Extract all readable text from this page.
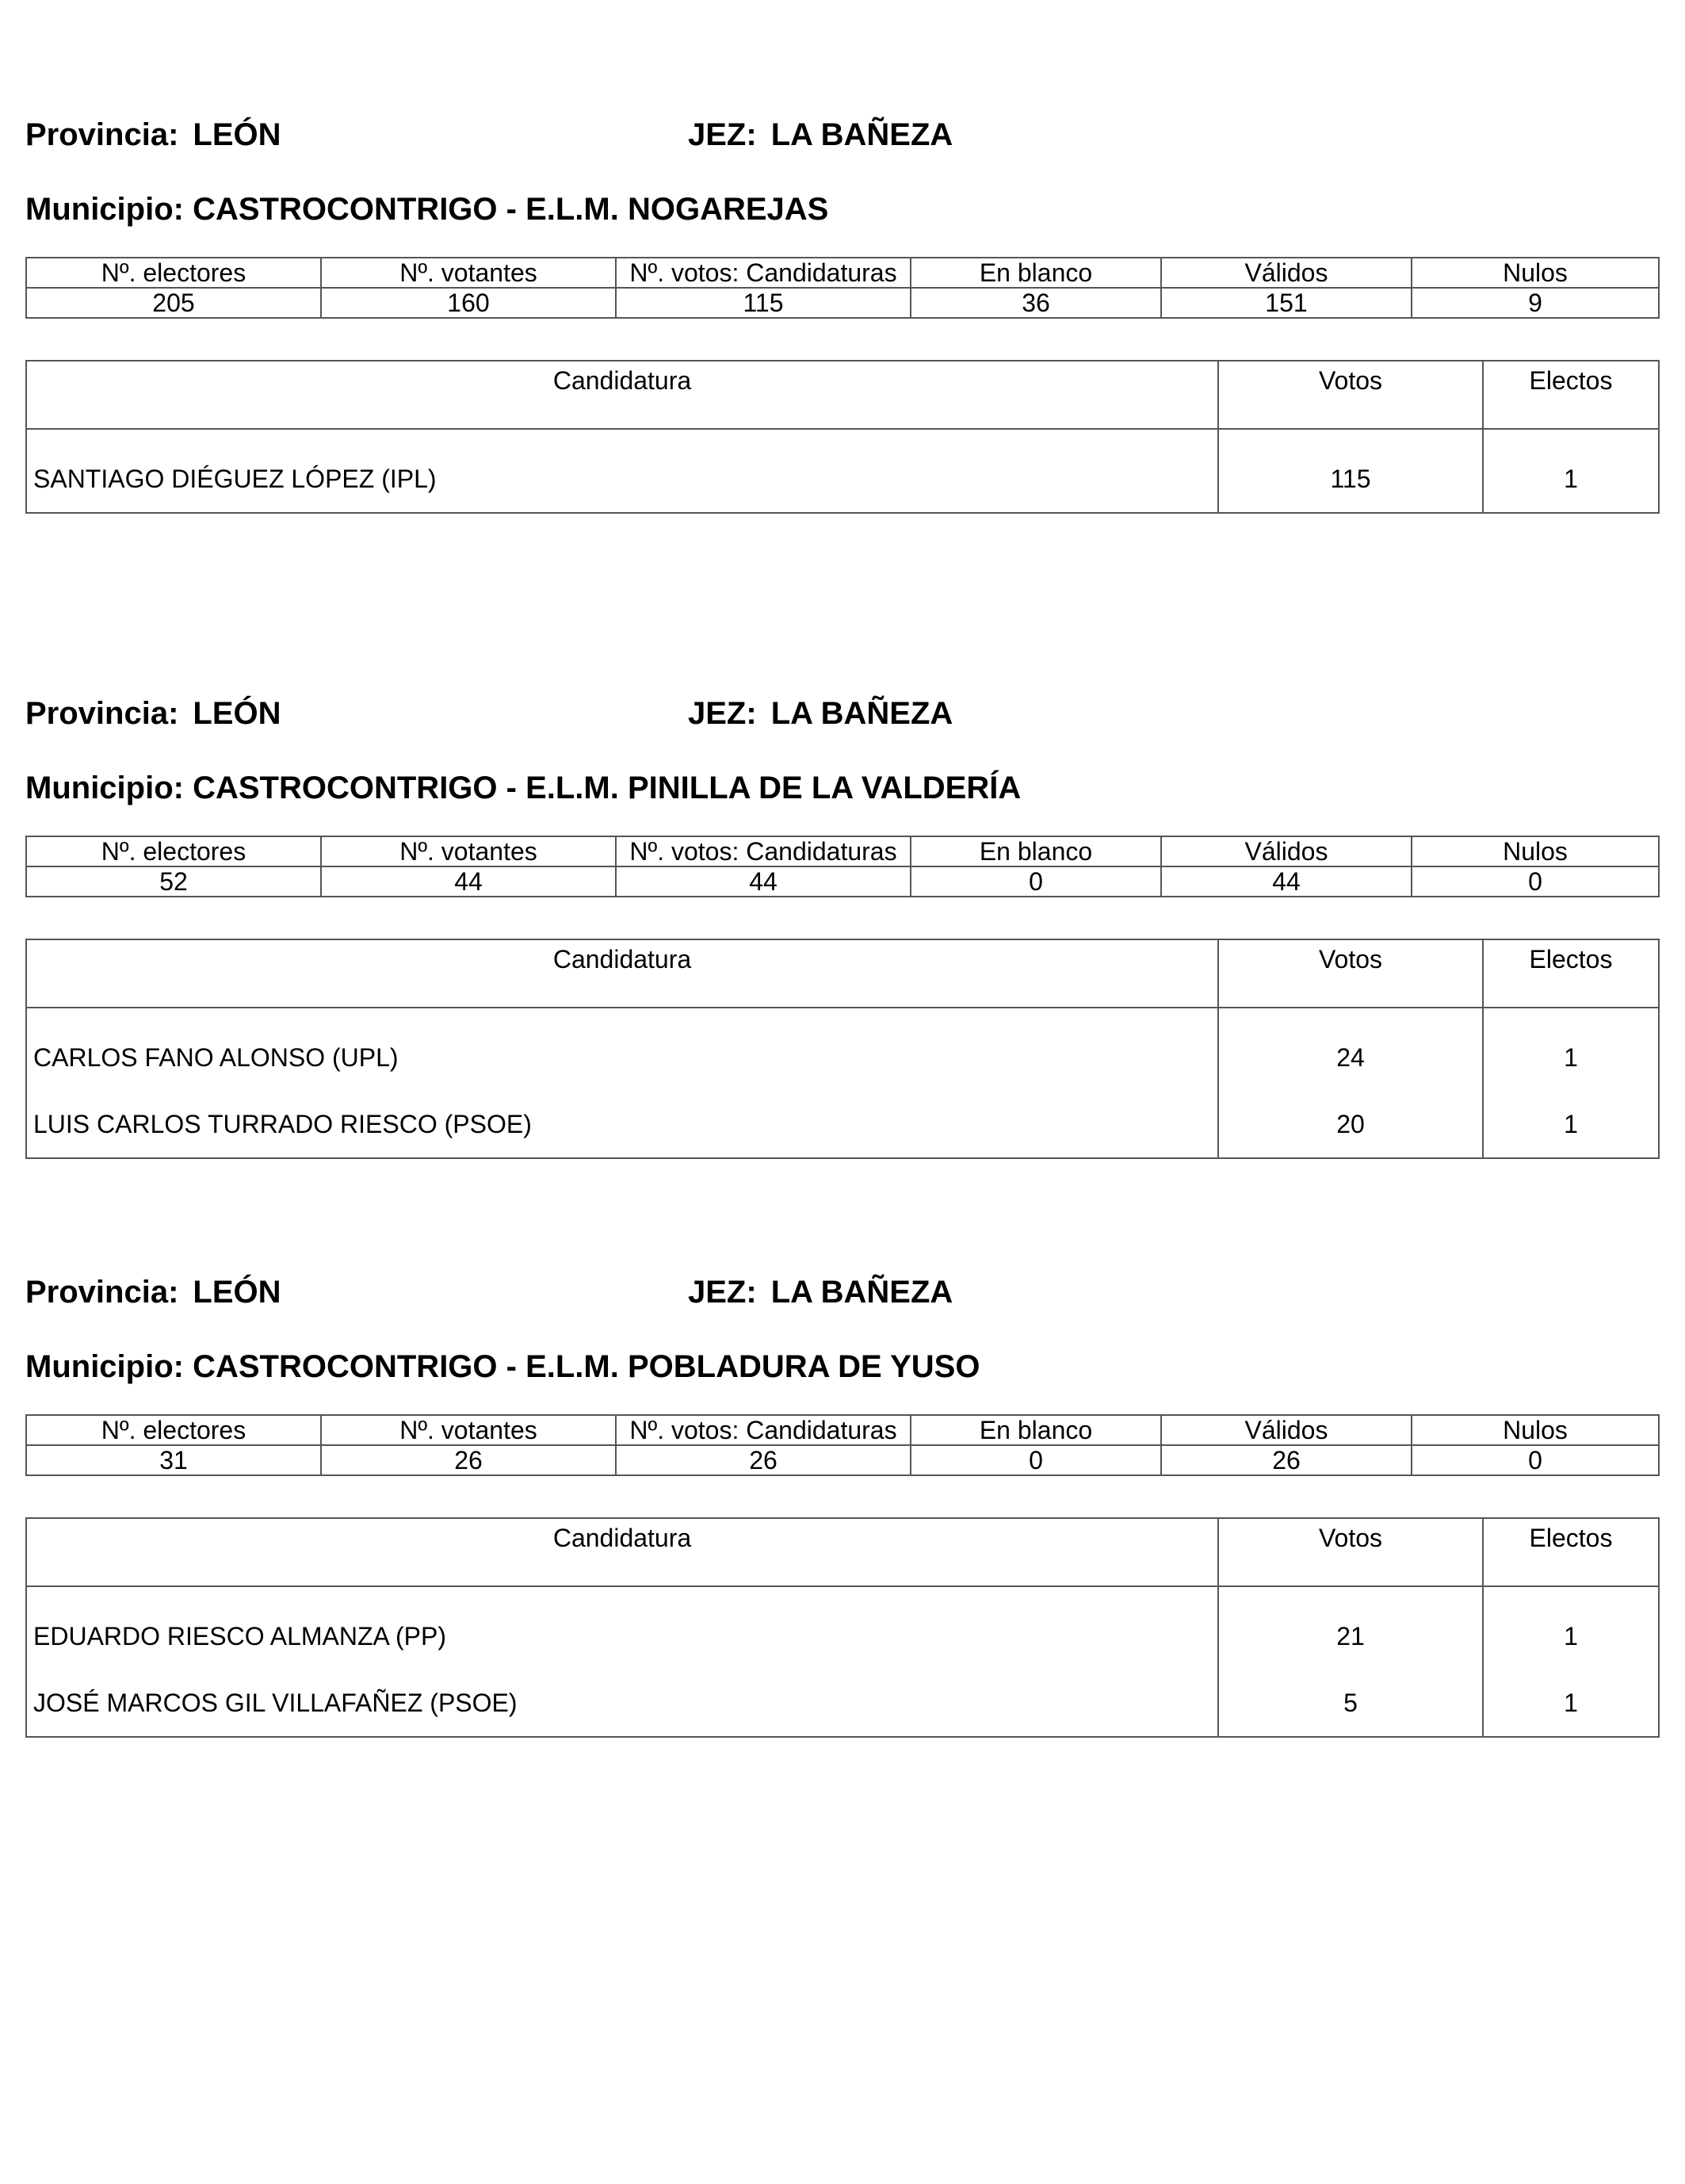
Provincia: LEÓN	JEZ: LA BAÑEZA
Municipio: CASTROCONTRIGO - E.L.M. NOGAREJAS
Nº. electores	Nº. votantes	Nº. votos: Candidaturas	En blanco	Válidos	Nulos
205	160	115	36	151	9
Candidatura	Votos	Electos
SANTIAGO DIÉGUEZ LÓPEZ (IPL)	115	1
Provincia: LEÓN	JEZ: LA BAÑEZA
Municipio: CASTROCONTRIGO - E.L.M. PINILLA DE LA VALDERÍA
Nº. electores	Nº. votantes	Nº. votos: Candidaturas	En blanco	Válidos	Nulos
52	44	44	0	44	0
Candidatura	Votos	Electos
CARLOS FANO ALONSO (UPL)	24	1
LUIS CARLOS TURRADO RIESCO (PSOE)	20	1
Provincia: LEÓN	JEZ: LA BAÑEZA
Municipio: CASTROCONTRIGO - E.L.M. POBLADURA DE YUSO
Nº. electores	Nº. votantes	Nº. votos: Candidaturas	En blanco	Válidos	Nulos
31	26	26	0	26	0
Candidatura	Votos	Electos
EDUARDO RIESCO ALMANZA (PP)	21	1
JOSÉ MARCOS GIL VILLAFAÑEZ (PSOE)	5	1
